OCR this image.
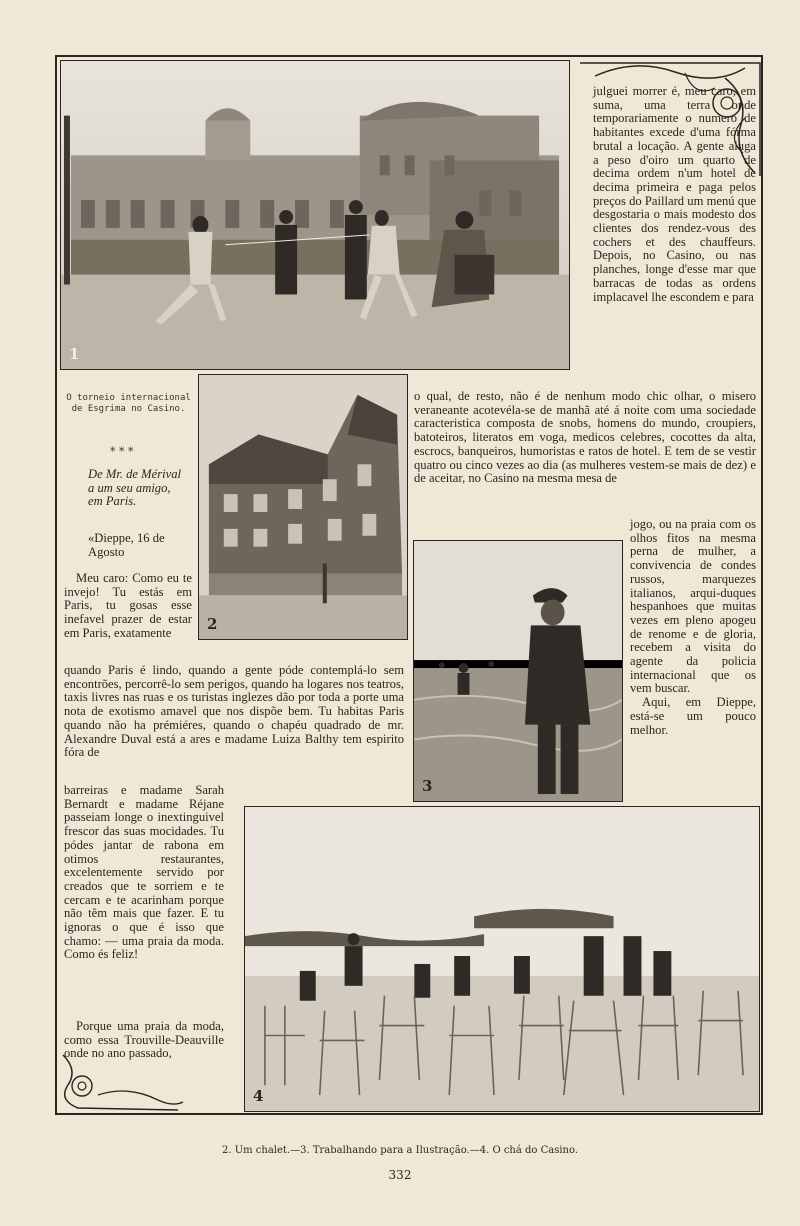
1

julguei morrer é, meu caro, em suma, uma terra onde temporariamente o numero de habitantes excede d'uma fórma brutal a locação. A gente aluga a peso d'oiro um quarto de decima ordem n'um hotel de decima primeira e paga pelos preços do Paillard um menú que desgostaria o mais modesto dos clientes dos rendez-vous des cochers et des chauffeurs. Depois, no Casino, ou nas planches, longe d'esse mar que barracas de todas as ordens implacavel lhe escondem e para

O torneio internacional de Esgrima no Casino.
* * *
De Mr. de Mérival a um seu amigo, em Paris.
«Dieppe, 16 de Agosto
2

o qual, de resto, não é de nenhum modo chic olhar, o misero veraneante acotevéla-se de manhã até á noite com uma sociedade caracteristica composta de snobs, homens do mundo, croupiers, batoteiros, literatos em voga, medicos celebres, cocottes da alta, escrocs, banqueiros, humoristas e ratos de hotel. E tem de se vestir quatro ou cinco vezes ao dia (as mulheres vestem-se mais de dez) e de aceitar, no Casino na mesma mesa de

Meu caro: Como eu te invejo! Tu estás em Paris, tu gosas esse inefavel prazer de estar em Paris, exatamente

3

jogo, ou na praia com os olhos fitos na mesma perna de mulher, a convivencia de condes russos, marquezes italianos, arqui-duques hespanhoes que muitas vezes em pleno apogeu de renome e de gloria, recebem a visita do agente da policia internacional que os vem buscar.

Aqui, em Dieppe, está-se um pouco melhor.

quando Paris é lindo, quando a gente póde contemplá-lo sem encontrões, percorrê-lo sem perigos, quando ha logares nos teatros, taxis livres nas ruas e os turistas inglezes dão por toda a porte uma nota de exotismo amavel que nos dispõe bem. Tu habitas Paris quando não ha prémiéres, quando o chapéu quadrado de mr. Alexandre Duval está a ares e madame Luiza Balthy tem espirito fóra de

barreiras e madame Sarah Bernardt e madame Réjane passeiam longe o inextinguivel frescor das suas mocidades. Tu pódes jantar de rabona em otimos restaurantes, excelentemente servido por creados que te sorriem e te cercam e te acarinham porque não têm mais que fazer. E tu ignoras o que é isso que chamo: — uma praia da moda. Como és feliz!

Porque uma praia da moda, como essa Trouville-Deauville onde no ano passado,

4
2. Um chalet.—3. Trabalhando para a Ilustração.—4. O chá do Casino.
332
